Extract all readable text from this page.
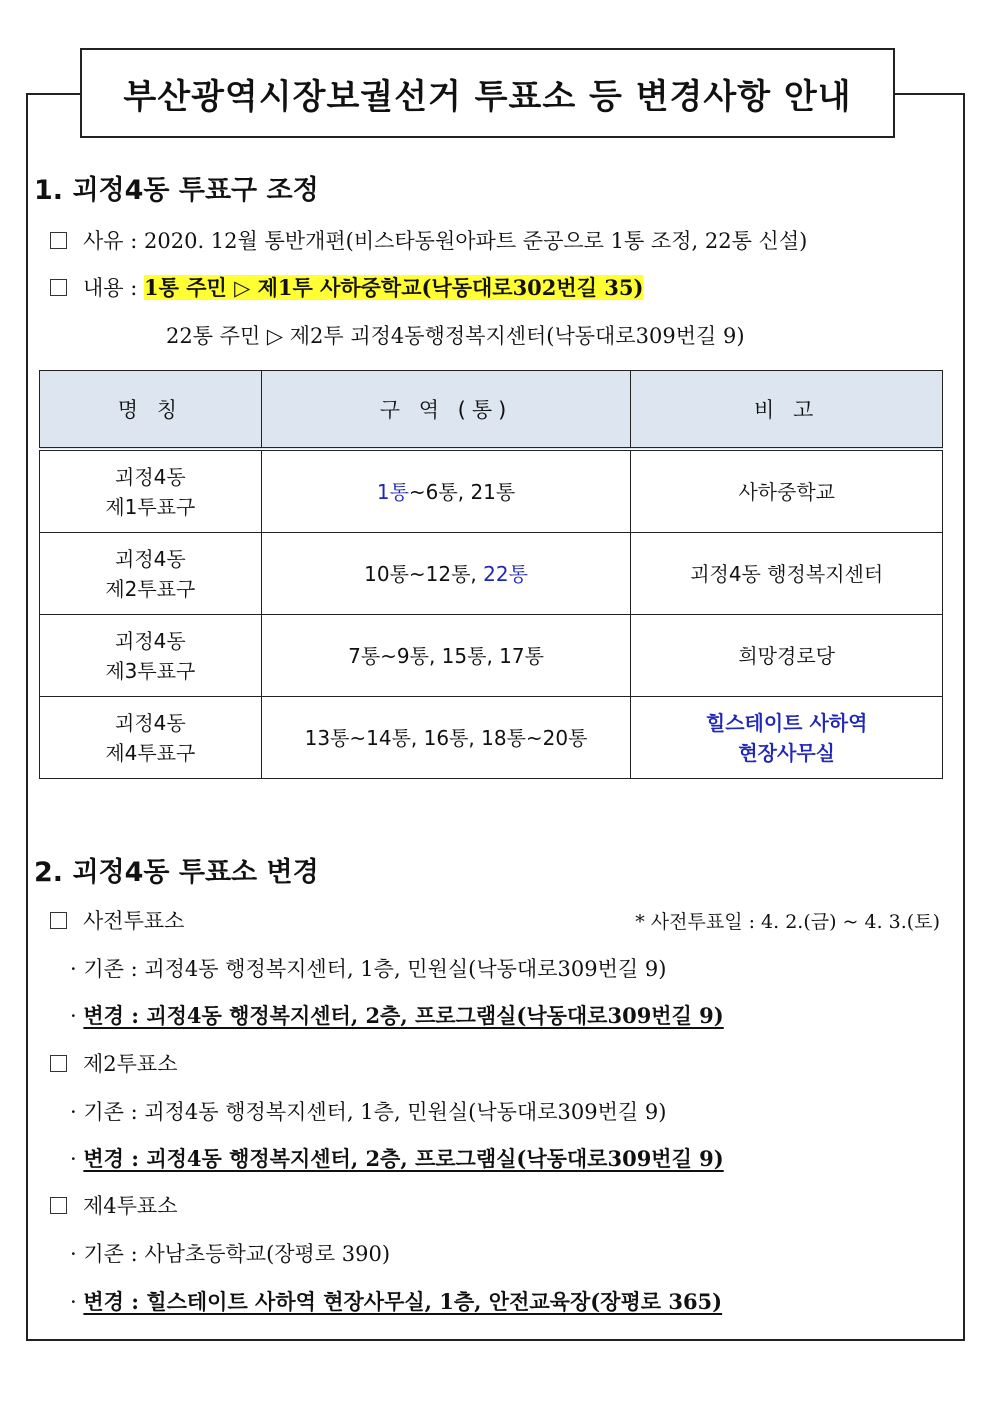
부산광역시장보궐선거 투표소 등 변경사항 안내
1. 괴정4동 투표구 조정
사유 : 2020. 12월 통반개편(비스타동원아파트 준공으로 1통 조정, 22통 신설)
내용 : 1통 주민 ▷ 제1투 사하중학교(낙동대로302번길 35)
22통 주민 ▷ 제2투 괴정4동행정복지센터(낙동대로309번길 9)
명 칭	구 역 (통)	비 고
괴정4동
제1투표구	1통~6통, 21통	사하중학교
괴정4동
제2투표구	10통~12통, 22통	괴정4동 행정복지센터
괴정4동
제3투표구	7통~9통, 15통, 17통	희망경로당
괴정4동
제4투표구	13통~14통, 16통, 18통~20통	힐스테이트 사하역
현장사무실
2. 괴정4동 투표소 변경
사전투표소	* 사전투표일 : 4. 2.(금) ~ 4. 3.(토)
· 기존 : 괴정4동 행정복지센터, 1층, 민원실(낙동대로309번길 9)
· 변경 : 괴정4동 행정복지센터, 2층, 프로그램실(낙동대로309번길 9)
제2투표소
· 기존 : 괴정4동 행정복지센터, 1층, 민원실(낙동대로309번길 9)
· 변경 : 괴정4동 행정복지센터, 2층, 프로그램실(낙동대로309번길 9)
제4투표소
· 기존 : 사남초등학교(장평로 390)
· 변경 : 힐스테이트 사하역 현장사무실, 1층, 안전교육장(장평로 365)
